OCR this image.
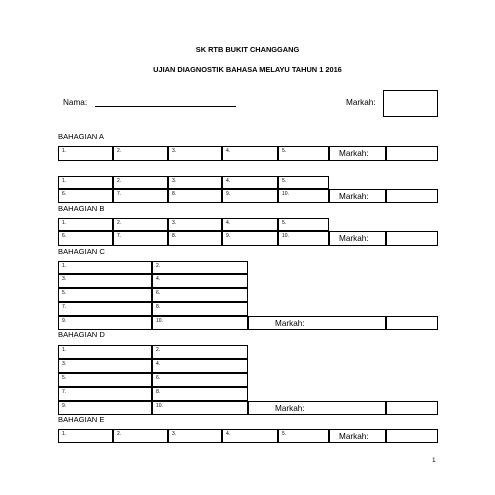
SK RTB BUKIT CHANGGANG
UJIAN DIAGNOSTIK BAHASA MELAYU TAHUN 1 2016
Nama:	Markah:
BAHAGIAN A
1.	2.	3.	4.	5.	Markah:
1.	2.	3.	4.	5.
6.	7.	8.	9.	10.	Markah:
BAHAGIAN B
1.	2.	3.	4.	5.
6.	7.	8.	9.	10.	Markah:
BAHAGIAN C
1.	2.
3.	4.
5.	6.
7.	8.
9.	10.	Markah:
BAHAGIAN D
1.	2.
3.	4.
5.	6.
7.	8.
9.	10.	Markah:
BAHAGIAN E
1.	2.	3.	4.	5.	Markah:
1
